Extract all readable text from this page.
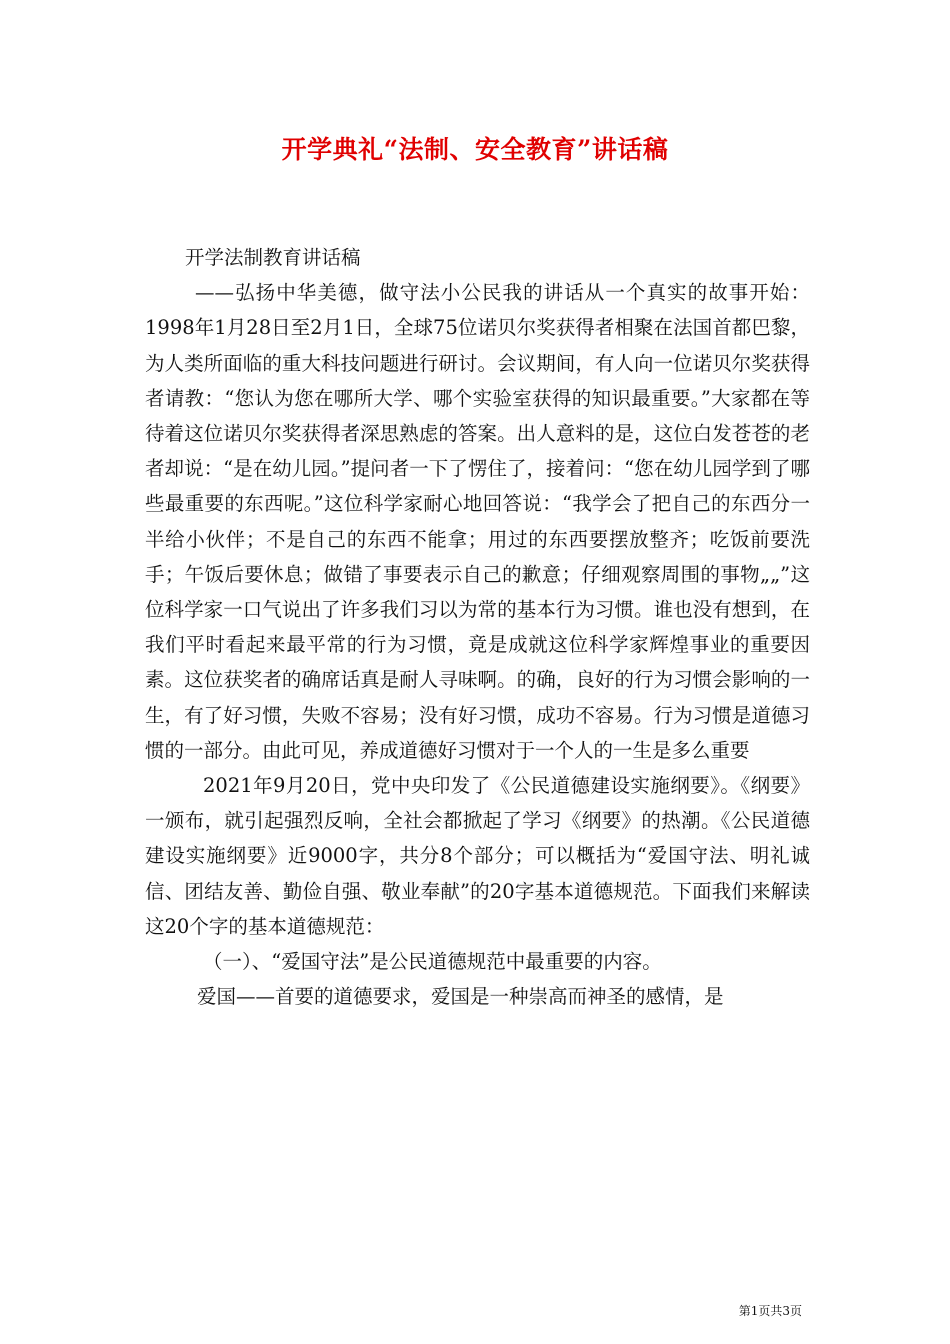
开学典礼“法制、安全教育”讲话稿

开学法制教育讲话稿

——弘扬中华美德，做守法小公民我的讲话从一个真实的故事开始：1998年1月28日至2月1日，全球75位诺贝尔奖获得者相聚在法国首都巴黎，为人类所面临的重大科技问题进行研讨。会议期间，有人向一位诺贝尔奖获得者请教：“您认为您在哪所大学、哪个实验室获得的知识最重要。”大家都在等待着这位诺贝尔奖获得者深思熟虑的答案。出人意料的是，这位白发苍苍的老者却说：“是在幼儿园。”提问者一下了愣住了，接着问：“您在幼儿园学到了哪些最重要的东西呢。”这位科学家耐心地回答说：“我学会了把自己的东西分一半给小伙伴；不是自己的东西不能拿；用过的东西要摆放整齐；吃饭前要洗手；午饭后要休息；做错了事要表示自己的歉意；仔细观察周围的事物„„”这位科学家一口气说出了许多我们习以为常的基本行为习惯。谁也没有想到，在我们平时看起来最平常的行为习惯，竟是成就这位科学家辉煌事业的重要因素。这位获奖者的确席话真是耐人寻味啊。的确，良好的行为习惯会影响的一生，有了好习惯，失败不容易；没有好习惯，成功不容易。行为习惯是道德习惯的一部分。由此可见，养成道德好习惯对于一个人的一生是多么重要

2021年9月20日，党中央印发了《公民道德建设实施纲要》。《纲要》一颁布，就引起强烈反响，全社会都掀起了学习《纲要》的热潮。《公民道德建设实施纲要》近9000字，共分8个部分；可以概括为“爱国守法、明礼诚信、团结友善、勤俭自强、敬业奉献”的20字基本道德规范。下面我们来解读这20个字的基本道德规范：

（一）、“爱国守法”是公民道德规范中最重要的内容。

爱国——首要的道德要求，爱国是一种崇高而神圣的感情，是

第1页共3页
